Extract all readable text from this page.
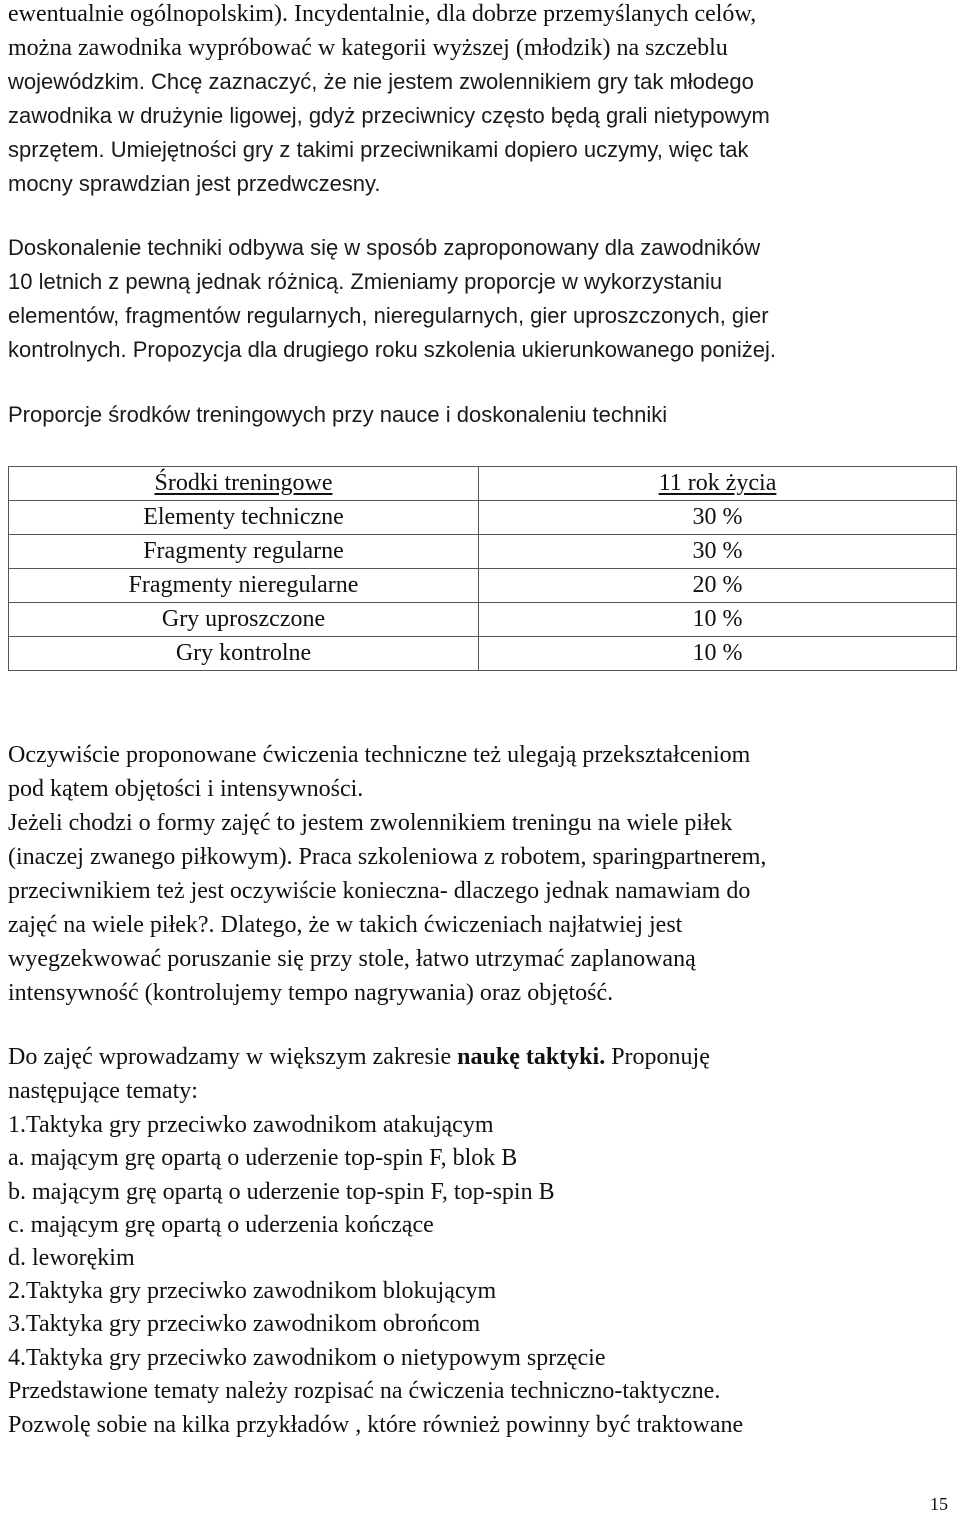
ewentualnie ogólnopolskim). Incydentalnie, dla dobrze przemyślanych celów,
można zawodnika wypróbować w kategorii wyższej (młodzik) na szczeblu
wojewódzkim. Chcę zaznaczyć, że nie jestem zwolennikiem gry tak młodego
zawodnika w drużynie ligowej, gdyż przeciwnicy często będą grali nietypowym
sprzętem. Umiejętności gry z takimi przeciwnikami dopiero uczymy, więc tak
mocny sprawdzian jest przedwczesny.
Doskonalenie techniki odbywa się w sposób zaproponowany dla zawodników
10 letnich z pewną jednak różnicą. Zmieniamy proporcje w wykorzystaniu
elementów, fragmentów regularnych, nieregularnych, gier uproszczonych, gier
kontrolnych. Propozycja dla drugiego roku szkolenia ukierunkowanego poniżej.
Proporcje środków treningowych przy nauce i doskonaleniu techniki
Środki treningowe	11 rok życia
Elementy techniczne	30 %
Fragmenty regularne	30 %
Fragmenty nieregularne	20 %
Gry uproszczone	10 %
Gry kontrolne	10 %
Oczywiście proponowane ćwiczenia techniczne też ulegają przekształceniom
pod kątem objętości i intensywności.
Jeżeli chodzi o formy zajęć to jestem zwolennikiem treningu na wiele piłek
(inaczej zwanego piłkowym). Praca szkoleniowa z robotem, sparingpartnerem,
przeciwnikiem też jest oczywiście konieczna- dlaczego jednak namawiam do
zajęć na wiele piłek?. Dlatego, że w takich ćwiczeniach najłatwiej jest
wyegzekwować poruszanie się przy stole, łatwo utrzymać zaplanowaną
intensywność (kontrolujemy tempo nagrywania) oraz objętość.
Do zajęć wprowadzamy w większym zakresie naukę taktyki. Proponuję
następujące tematy:
1.Taktyka gry przeciwko zawodnikom atakującym
a. mającym grę opartą o uderzenie top-spin F, blok B
b. mającym grę opartą o uderzenie top-spin F, top-spin B
c. mającym grę opartą o uderzenia kończące
d. leworękim
2.Taktyka gry przeciwko zawodnikom blokującym
3.Taktyka gry przeciwko zawodnikom obrońcom
4.Taktyka gry przeciwko zawodnikom o nietypowym sprzęcie
Przedstawione tematy należy rozpisać na ćwiczenia techniczno-taktyczne.
Pozwolę sobie na kilka przykładów , które również powinny być traktowane
15
